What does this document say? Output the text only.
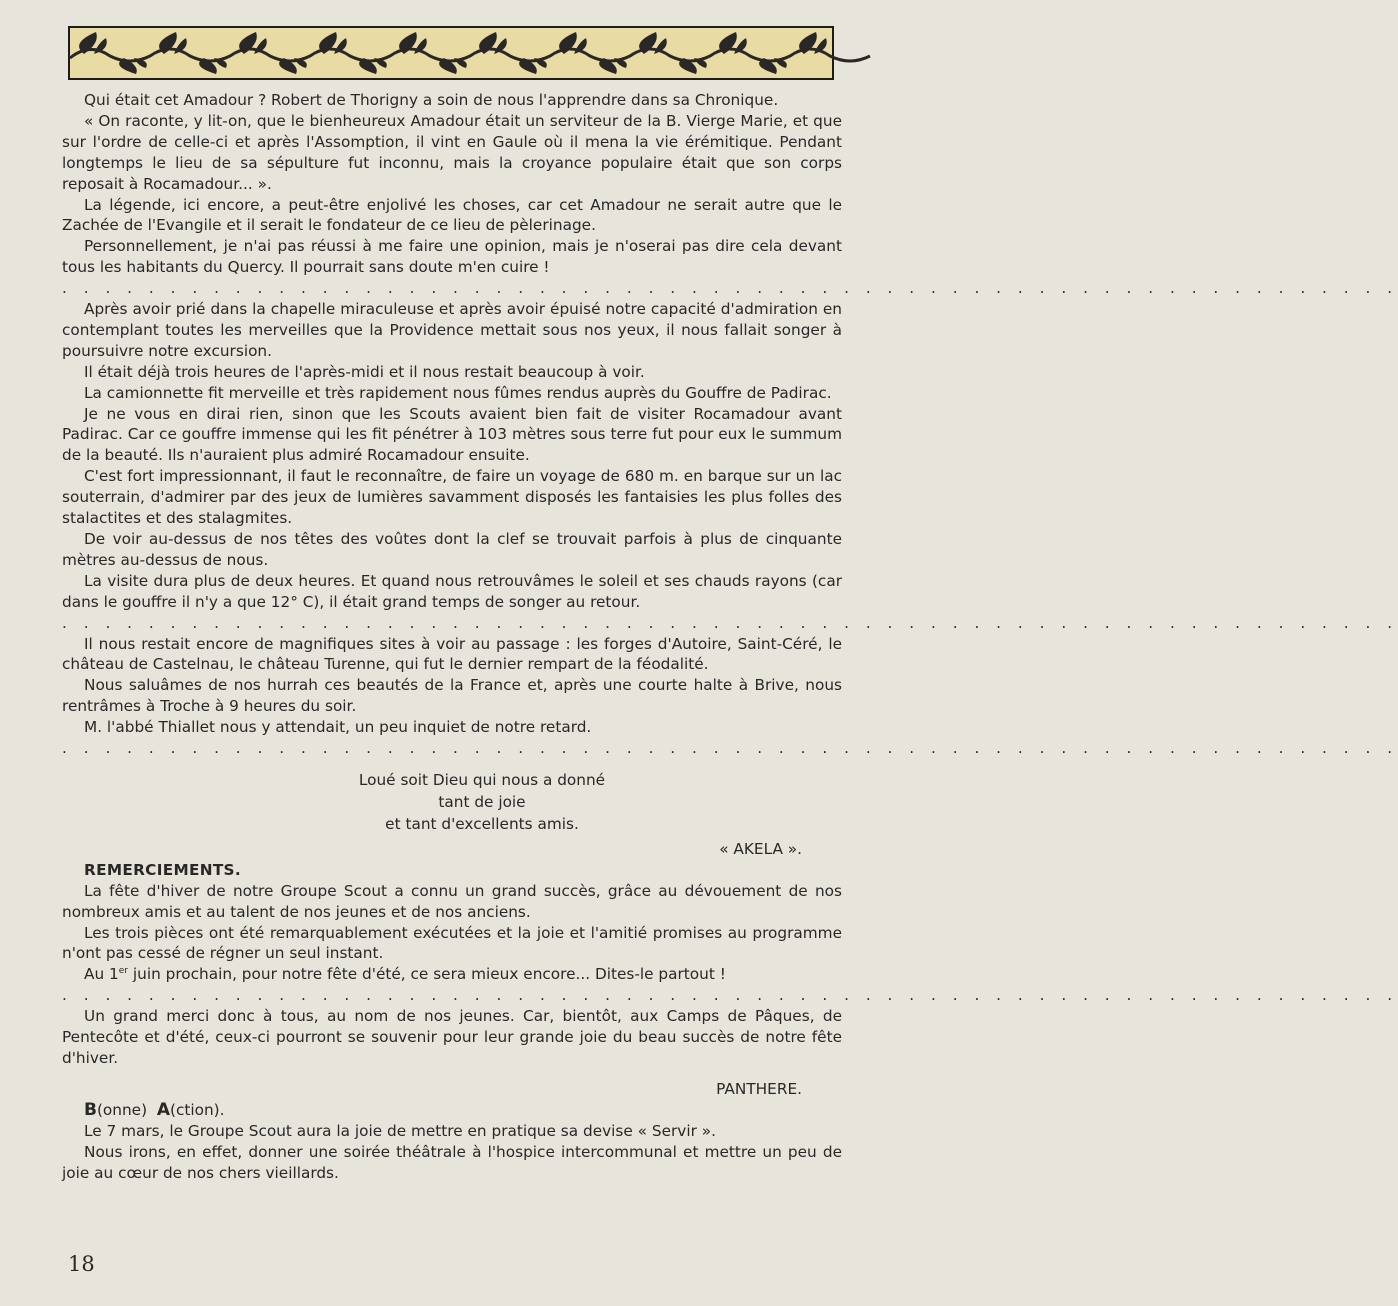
Qui était cet Amadour ? Robert de Thorigny a soin de nous l'apprendre dans sa Chronique.

« On raconte, y lit-on, que le bienheureux Amadour était un serviteur de la B. Vierge Marie, et que sur l'ordre de celle-ci et après l'Assomption, il vint en Gaule où il mena la vie érémitique. Pendant longtemps le lieu de sa sépulture fut inconnu, mais la croyance populaire était que son corps reposait à Rocamadour... ».

La légende, ici encore, a peut-être enjolivé les choses, car cet Amadour ne serait autre que le Zachée de l'Evangile et il serait le fondateur de ce lieu de pèlerinage.

Personnellement, je n'ai pas réussi à me faire une opinion, mais je n'oserai pas dire cela devant tous les habitants du Quercy. Il pourrait sans doute m'en cuire !

. . . . . . . . . . . . . . . . . . . . . . . . . . . . . . . . . . . . . . . . . . . . . . . . . . . . . . . . . . . . . .

Après avoir prié dans la chapelle miraculeuse et après avoir épuisé notre capacité d'admiration en contemplant toutes les merveilles que la Providence mettait sous nos yeux, il nous fallait songer à poursuivre notre excursion.

Il était déjà trois heures de l'après-midi et il nous restait beaucoup à voir.

La camionnette fit merveille et très rapidement nous fûmes rendus auprès du Gouffre de Padirac.

Je ne vous en dirai rien, sinon que les Scouts avaient bien fait de visiter Rocamadour avant Padirac. Car ce gouffre immense qui les fit pénétrer à 103 mètres sous terre fut pour eux le summum de la beauté. Ils n'auraient plus admiré Rocamadour ensuite.

C'est fort impressionnant, il faut le reconnaître, de faire un voyage de 680 m. en barque sur un lac souterrain, d'admirer par des jeux de lumières savamment disposés les fantaisies les plus folles des stalactites et des stalagmites.

De voir au-dessus de nos têtes des voûtes dont la clef se trouvait parfois à plus de cinquante mètres au-dessus de nous.

La visite dura plus de deux heures. Et quand nous retrouvâmes le soleil et ses chauds rayons (car dans le gouffre il n'y a que 12° C), il était grand temps de songer au retour.

. . . . . . . . . . . . . . . . . . . . . . . . . . . . . . . . . . . . . . . . . . . . . . . . . . . . . . . . . . . . . .

Il nous restait encore de magnifiques sites à voir au passage : les forges d'Autoire, Saint-Céré, le château de Castelnau, le château Turenne, qui fut le dernier rempart de la féodalité.

Nous saluâmes de nos hurrah ces beautés de la France et, après une courte halte à Brive, nous rentrâmes à Troche à 9 heures du soir.

M. l'abbé Thiallet nous y attendait, un peu inquiet de notre retard.

. . . . . . . . . . . . . . . . . . . . . . . . . . . . . . . . . . . . . . . . . . . . . . . . . . . . . . . . . . . . . .
Loué soit Dieu qui nous a donné
tant de joie
et tant d'excellents amis.
« AKELA ».

REMERCIEMENTS.

La fête d'hiver de notre Groupe Scout a connu un grand succès, grâce au dévouement de nos nombreux amis et au talent de nos jeunes et de nos anciens.

Les trois pièces ont été remarquablement exécutées et la joie et l'amitié promises au programme n'ont pas cessé de régner un seul instant.

Au 1er juin prochain, pour notre fête d'été, ce sera mieux encore... Dites-le partout !

. . . . . . . . . . . . . . . . . . . . . . . . . . . . . . . . . . . . . . . . . . . . . . . . . . . . . . . . . . . . . .

Un grand merci donc à tous, au nom de nos jeunes. Car, bientôt, aux Camps de Pâques, de Pentecôte et d'été, ceux-ci pourront se souvenir pour leur grande joie du beau succès de notre fête d'hiver.

PANTHERE.

B(onne) A(ction).

Le 7 mars, le Groupe Scout aura la joie de mettre en pratique sa devise « Servir ».

Nous irons, en effet, donner une soirée théâtrale à l'hospice intercommunal et mettre un peu de joie au cœur de nos chers vieillards.

18
